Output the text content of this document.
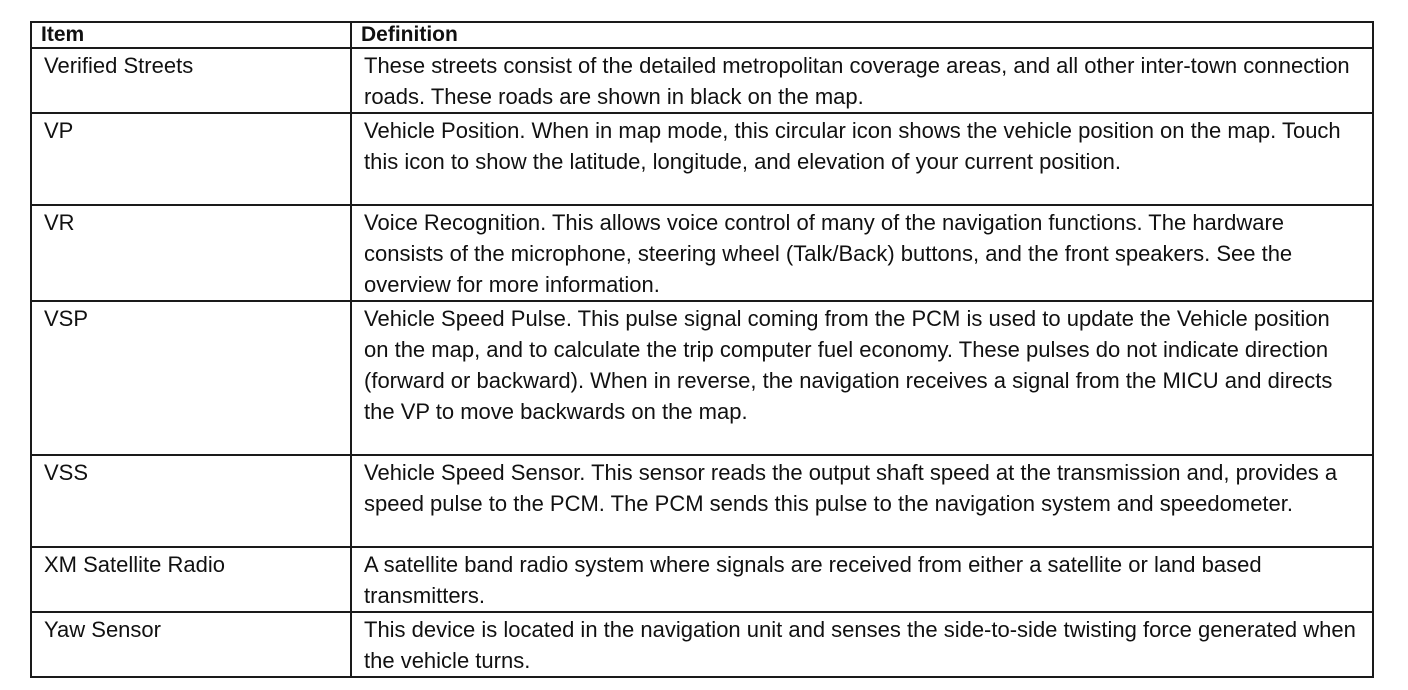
Item	Definition

Verified Streets	These streets consist of the detailed metropolitan coverage areas, and all other inter-town connection roads. These roads are shown in black on the map.

VP	Vehicle Position. When in map mode, this circular icon shows the vehicle position on the map. Touch this icon to show the latitude, longitude, and elevation of your current position.

VR	Voice Recognition. This allows voice control of many of the navigation functions. The hardware consists of the microphone, steering wheel (Talk/Back) buttons, and the front speakers. See the overview for more information.

VSP	Vehicle Speed Pulse. This pulse signal coming from the PCM is used to update the Vehicle position on the map, and to calculate the trip computer fuel economy. These pulses do not indicate direction (forward or backward). When in reverse, the navigation receives a signal from the MICU and directs the VP to move backwards on the map.

VSS	Vehicle Speed Sensor. This sensor reads the output shaft speed at the transmission and, provides a speed pulse to the PCM. The PCM sends this pulse to the navigation system and speedometer.

XM Satellite Radio	A satellite band radio system where signals are received from either a satellite or land based transmitters.

Yaw Sensor	This device is located in the navigation unit and senses the side-to-side twisting force generated when the vehicle turns.
